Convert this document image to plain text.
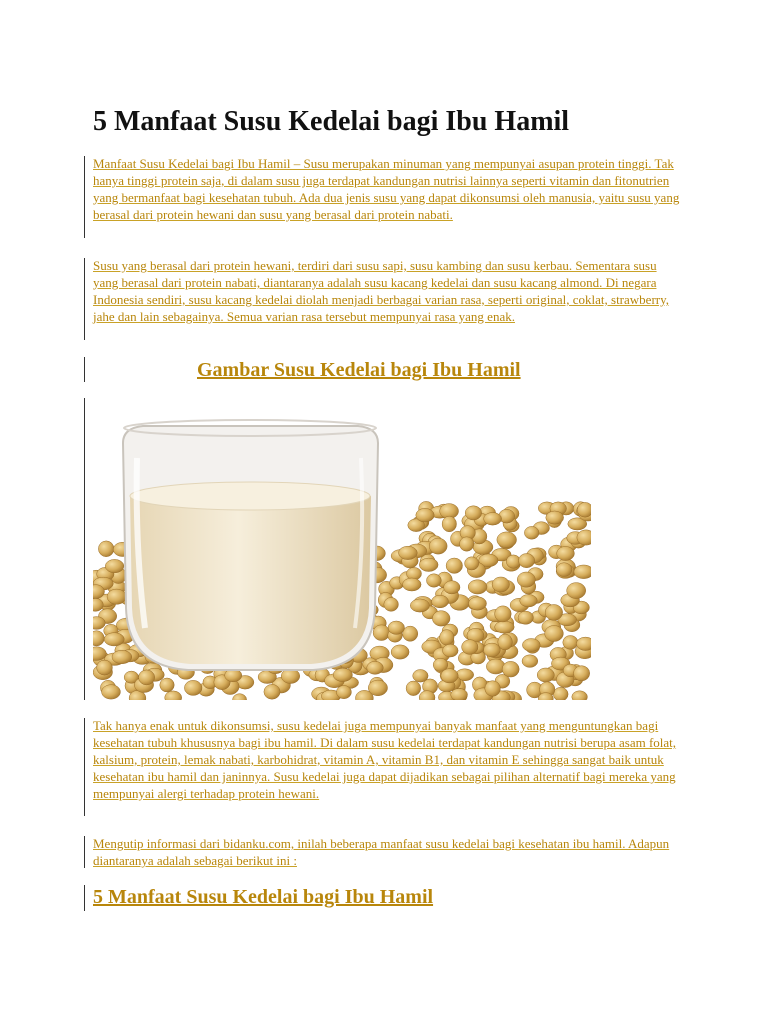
5 Manfaat Susu Kedelai bagi Ibu Hamil

Manfaat Susu Kedelai bagi Ibu Hamil – Susu merupakan minuman yang mempunyai asupan protein tinggi. Tak hanya tinggi protein saja, di dalam susu juga terdapat kandungan nutrisi lainnya seperti vitamin dan fitonutrien yang bermanfaat bagi kesehatan tubuh. Ada dua jenis susu yang dapat dikonsumsi oleh manusia, yaitu susu yang berasal dari protein hewani dan susu yang berasal dari protein nabati.

Susu yang berasal dari protein hewani, terdiri dari susu sapi, susu kambing dan susu kerbau. Sementara susu yang berasal dari protein nabati, diantaranya adalah susu kacang kedelai dan susu kacang almond. Di negara Indonesia sendiri, susu kacang kedelai diolah menjadi berbagai varian rasa, seperti original, coklat, strawberry, jahe dan lain sebagainya. Semua varian rasa tersebut mempunyai rasa yang enak.

Gambar Susu Kedelai bagi Ibu Hamil

Tak hanya enak untuk dikonsumsi, susu kedelai juga mempunyai banyak manfaat yang menguntungkan bagi kesehatan tubuh khususnya bagi ibu hamil. Di dalam susu kedelai terdapat kandungan nutrisi berupa asam folat, kalsium, protein, lemak nabati, karbohidrat, vitamin A, vitamin B1, dan vitamin E sehingga sangat baik untuk kesehatan ibu hamil dan janinnya. Susu kedelai juga dapat dijadikan sebagai pilihan alternatif bagi mereka yang mempunyai alergi terhadap protein hewani.

Mengutip informasi dari bidanku.com, inilah beberapa manfaat susu kedelai bagi kesehatan ibu hamil. Adapun diantaranya adalah sebagai berikut ini :

5 Manfaat Susu Kedelai bagi Ibu Hamil
